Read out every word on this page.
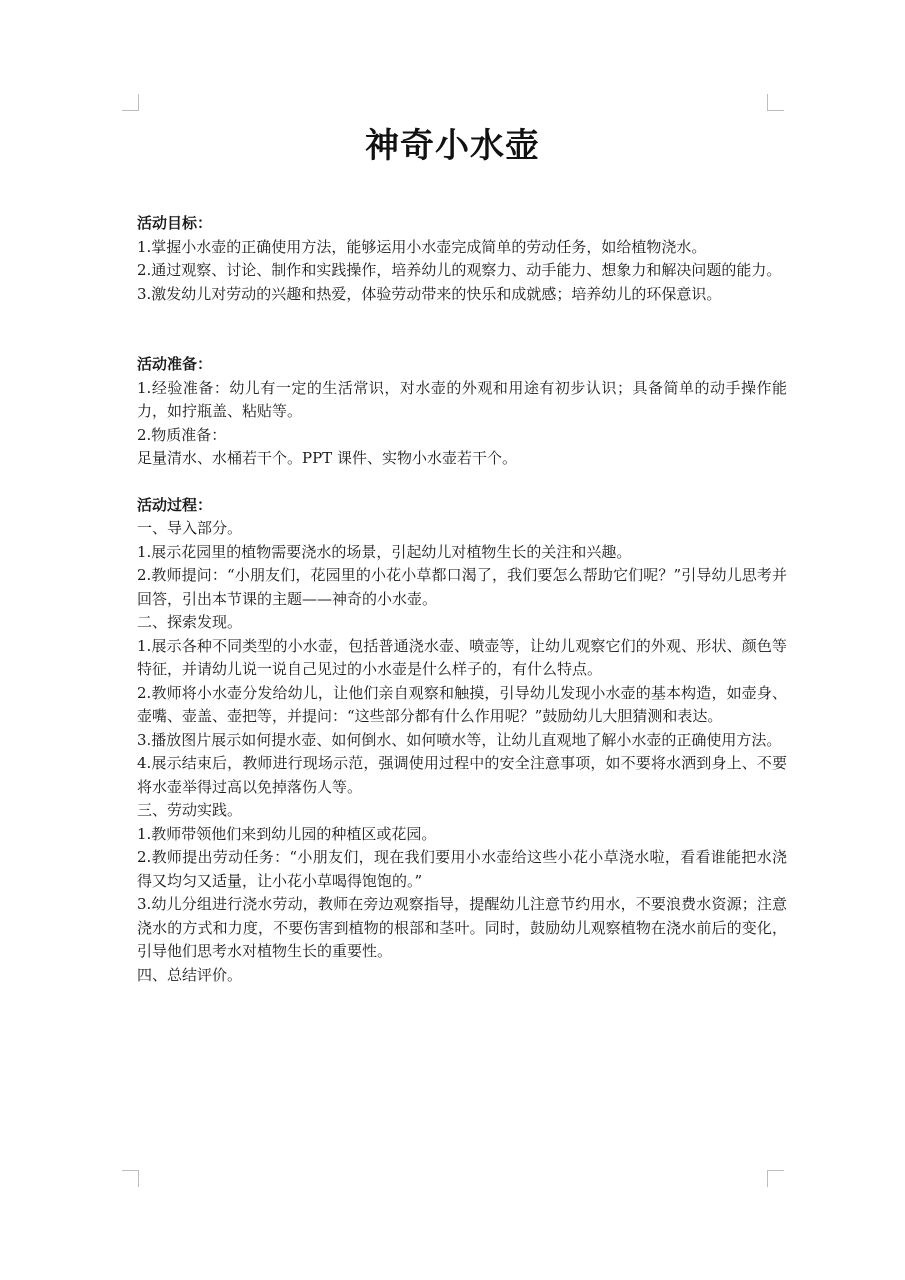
神奇小水壶

活动目标：

1.掌握小水壶的正确使用方法，能够运用小水壶完成简单的劳动任务，如给植物浇水。

2.通过观察、讨论、制作和实践操作，培养幼儿的观察力、动手能力、想象力和解决问题的能力。

3.激发幼儿对劳动的兴趣和热爱，体验劳动带来的快乐和成就感；培养幼儿的环保意识。

活动准备：

1.经验准备：幼儿有一定的生活常识，对水壶的外观和用途有初步认识；具备简单的动手操作能力，如拧瓶盖、粘贴等。

2.物质准备：

足量清水、水桶若干个。PPT 课件、实物小水壶若干个。

活动过程：

一、导入部分。

1.展示花园里的植物需要浇水的场景，引起幼儿对植物生长的关注和兴趣。

2.教师提问：“小朋友们，花园里的小花小草都口渴了，我们要怎么帮助它们呢？”引导幼儿思考并回答，引出本节课的主题——神奇的小水壶。

二、探索发现。

1.展示各种不同类型的小水壶，包括普通浇水壶、喷壶等，让幼儿观察它们的外观、形状、颜色等特征，并请幼儿说一说自己见过的小水壶是什么样子的，有什么特点。

2.教师将小水壶分发给幼儿，让他们亲自观察和触摸，引导幼儿发现小水壶的基本构造，如壶身、壶嘴、壶盖、壶把等，并提问：“这些部分都有什么作用呢？”鼓励幼儿大胆猜测和表达。

3.播放图片展示如何提水壶、如何倒水、如何喷水等，让幼儿直观地了解小水壶的正确使用方法。

4.展示结束后，教师进行现场示范，强调使用过程中的安全注意事项，如不要将水洒到身上、不要将水壶举得过高以免掉落伤人等。

三、劳动实践。

1.教师带领他们来到幼儿园的种植区或花园。

2.教师提出劳动任务：“小朋友们，现在我们要用小水壶给这些小花小草浇水啦，看看谁能把水浇得又均匀又适量，让小花小草喝得饱饱的。”

3.幼儿分组进行浇水劳动，教师在旁边观察指导，提醒幼儿注意节约用水，不要浪费水资源；注意浇水的方式和力度，不要伤害到植物的根部和茎叶。同时，鼓励幼儿观察植物在浇水前后的变化，引导他们思考水对植物生长的重要性。

四、总结评价。
